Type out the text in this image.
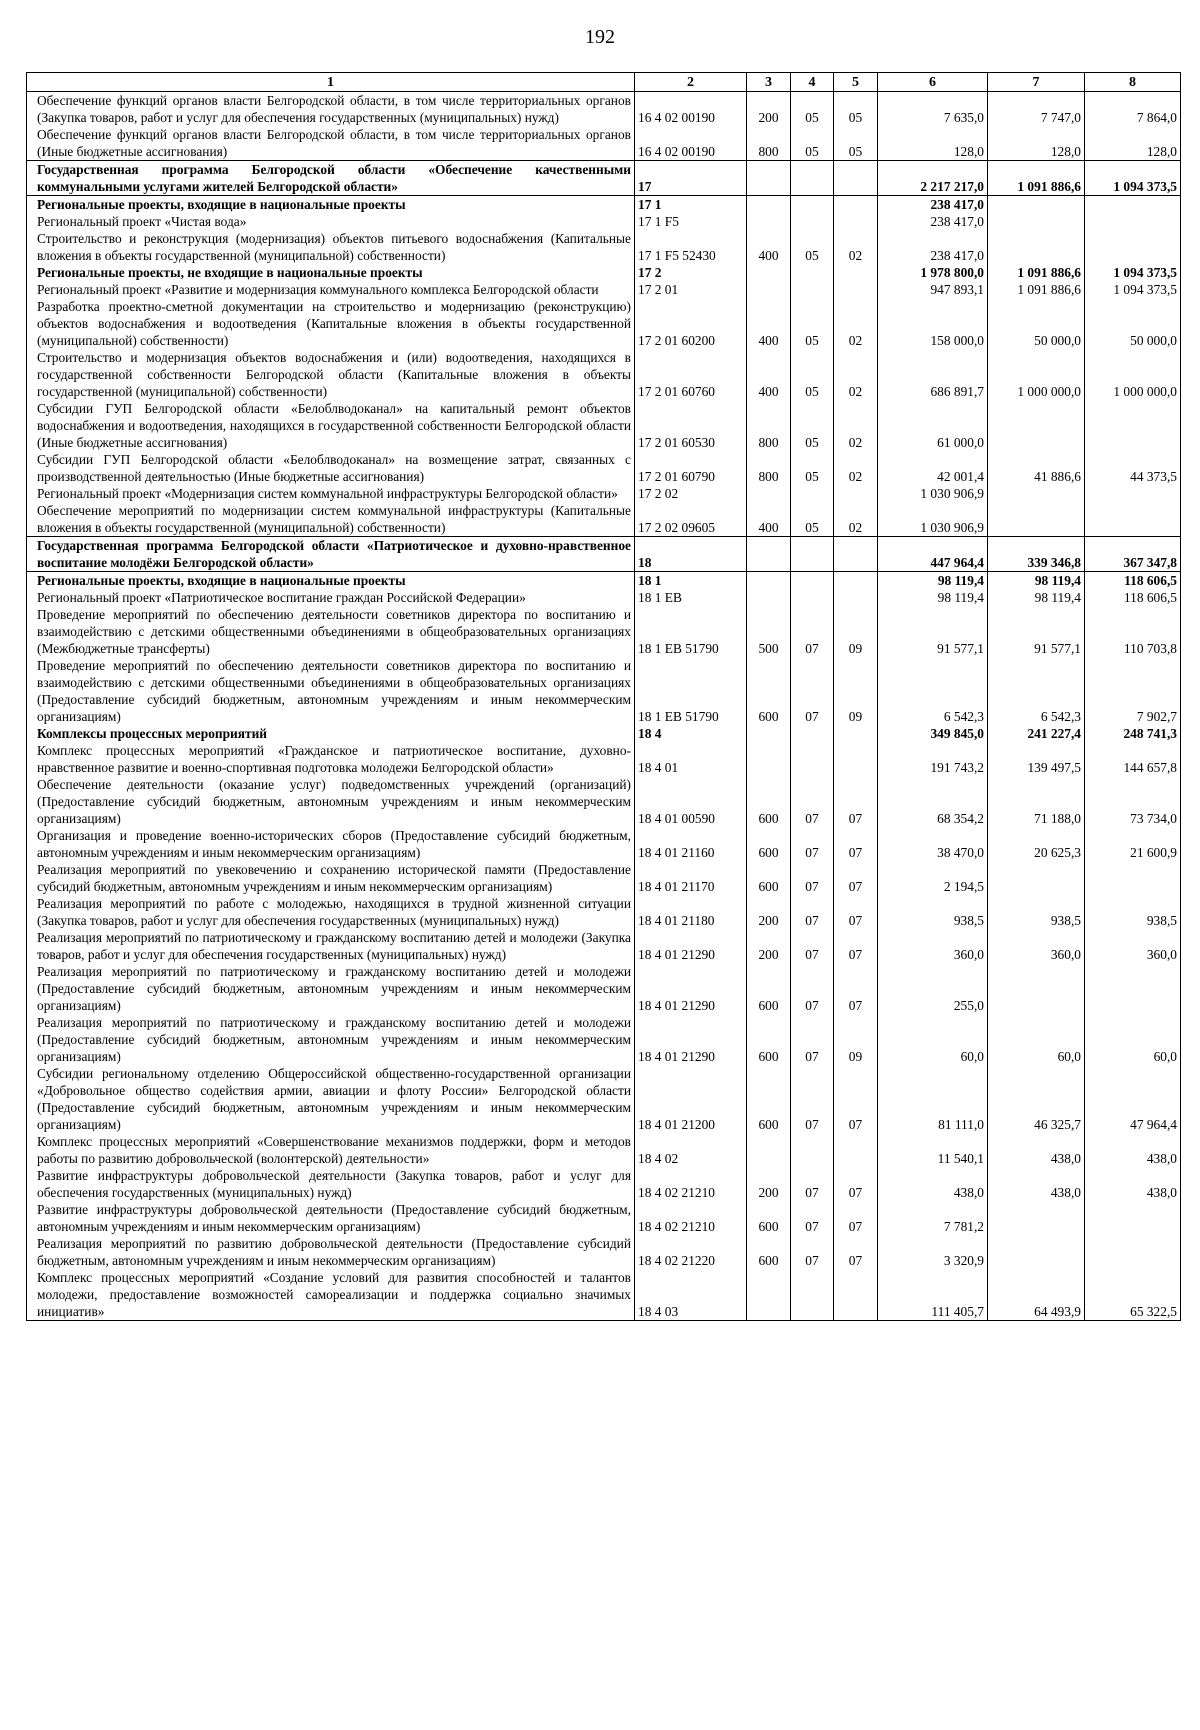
192
1	2	3	4	5	6	7	8
Обеспечение функций органов власти Белгородской области, в том числе территориальных органов (Закупка товаров, работ и услуг для обеспечения государственных (муниципальных) нужд)	16 4 02 00190	200	05	05	7 635,0	7 747,0	7 864,0
Обеспечение функций органов власти Белгородской области, в том числе территориальных органов (Иные бюджетные ассигнования)	16 4 02 00190	800	05	05	128,0	128,0	128,0
Государственная программа Белгородской области «Обеспечение качественными коммунальными услугами жителей Белгородской области»	17				2 217 217,0	1 091 886,6	1 094 373,5
Региональные проекты, входящие в национальные проекты	17 1				238 417,0		
Региональный проект «Чистая вода»	17 1 F5				238 417,0		
Строительство и реконструкция (модернизация) объектов питьевого водоснабжения (Капитальные вложения в объекты государственной (муниципальной) собственности)	17 1 F5 52430	400	05	02	238 417,0		
Региональные проекты, не входящие в национальные проекты	17 2				1 978 800,0	1 091 886,6	1 094 373,5
Региональный проект «Развитие и модернизация коммунального комплекса Белгородской области	17 2 01				947 893,1	1 091 886,6	1 094 373,5
Разработка проектно-сметной документации на строительство и модернизацию (реконструкцию) объектов водоснабжения и водоотведения (Капитальные вложения в объекты государственной (муниципальной) собственности)	17 2 01 60200	400	05	02	158 000,0	50 000,0	50 000,0
Строительство и модернизация объектов водоснабжения и (или) водоотведения, находящихся в государственной собственности Белгородской области (Капитальные вложения в объекты государственной (муниципальной) собственности)	17 2 01 60760	400	05	02	686 891,7	1 000 000,0	1 000 000,0
Субсидии ГУП Белгородской области «Белоблводоканал» на капитальный ремонт объектов водоснабжения и водоотведения, находящихся в государственной собственности Белгородской области (Иные бюджетные ассигнования)	17 2 01 60530	800	05	02	61 000,0		
Субсидии ГУП Белгородской области «Белоблводоканал» на возмещение затрат, связанных с производственной деятельностью (Иные бюджетные ассигнования)	17 2 01 60790	800	05	02	42 001,4	41 886,6	44 373,5
Региональный проект «Модернизация систем коммунальной инфраструктуры Белгородской области»	17 2 02				1 030 906,9		
Обеспечение мероприятий по модернизации систем коммунальной инфраструктуры (Капитальные вложения в объекты государственной (муниципальной) собственности)	17 2 02 09605	400	05	02	1 030 906,9		
Государственная программа Белгородской области «Патриотическое и духовно-нравственное воспитание молодёжи Белгородской области»	18				447 964,4	339 346,8	367 347,8
Региональные проекты, входящие в национальные проекты	18 1				98 119,4	98 119,4	118 606,5
Региональный проект «Патриотическое воспитание граждан Российской Федерации»	18 1 EB				98 119,4	98 119,4	118 606,5
Проведение мероприятий по обеспечению деятельности советников директора по воспитанию и взаимодействию с детскими общественными объединениями в общеобразовательных организациях (Межбюджетные трансферты)	18 1 EB 51790	500	07	09	91 577,1	91 577,1	110 703,8
Проведение мероприятий по обеспечению деятельности советников директора по воспитанию и взаимодействию с детскими общественными объединениями в общеобразовательных организациях (Предоставление субсидий бюджетным, автономным учреждениям и иным некоммерческим организациям)	18 1 EB 51790	600	07	09	6 542,3	6 542,3	7 902,7
Комплексы процессных мероприятий	18 4				349 845,0	241 227,4	248 741,3
Комплекс процессных мероприятий «Гражданское и патриотическое воспитание, духовно-нравственное развитие и военно-спортивная подготовка молодежи Белгородской области»	18 4 01				191 743,2	139 497,5	144 657,8
Обеспечение деятельности (оказание услуг) подведомственных учреждений (организаций) (Предоставление субсидий бюджетным, автономным учреждениям и иным некоммерческим организациям)	18 4 01 00590	600	07	07	68 354,2	71 188,0	73 734,0
Организация и проведение военно-исторических сборов (Предоставление субсидий бюджетным, автономным учреждениям и иным некоммерческим организациям)	18 4 01 21160	600	07	07	38 470,0	20 625,3	21 600,9
Реализация мероприятий по увековечению и сохранению исторической памяти (Предоставление субсидий бюджетным, автономным учреждениям и иным некоммерческим организациям)	18 4 01 21170	600	07	07	2 194,5		
Реализация мероприятий по работе с молодежью, находящихся в трудной жизненной ситуации (Закупка товаров, работ и услуг для обеспечения государственных (муниципальных) нужд)	18 4 01 21180	200	07	07	938,5	938,5	938,5
Реализация мероприятий по патриотическому и гражданскому воспитанию детей и молодежи (Закупка товаров, работ и услуг для обеспечения государственных (муниципальных) нужд)	18 4 01 21290	200	07	07	360,0	360,0	360,0
Реализация мероприятий по патриотическому и гражданскому воспитанию детей и молодежи (Предоставление субсидий бюджетным, автономным учреждениям и иным некоммерческим организациям)	18 4 01 21290	600	07	07	255,0		
Реализация мероприятий по патриотическому и гражданскому воспитанию детей и молодежи (Предоставление субсидий бюджетным, автономным учреждениям и иным некоммерческим организациям)	18 4 01 21290	600	07	09	60,0	60,0	60,0
Субсидии региональному отделению Общероссийской общественно-государственной организации «Добровольное общество содействия армии, авиации и флоту России» Белгородской области (Предоставление субсидий бюджетным, автономным учреждениям и иным некоммерческим организациям)	18 4 01 21200	600	07	07	81 111,0	46 325,7	47 964,4
Комплекс процессных мероприятий «Совершенствование механизмов поддержки, форм и методов работы по развитию добровольческой (волонтерской) деятельности»	18 4 02				11 540,1	438,0	438,0
Развитие инфраструктуры добровольческой деятельности (Закупка товаров, работ и услуг для обеспечения государственных (муниципальных) нужд)	18 4 02 21210	200	07	07	438,0	438,0	438,0
Развитие инфраструктуры добровольческой деятельности (Предоставление субсидий бюджетным, автономным учреждениям и иным некоммерческим организациям)	18 4 02 21210	600	07	07	7 781,2		
Реализация мероприятий по развитию добровольческой деятельности (Предоставление субсидий бюджетным, автономным учреждениям и иным некоммерческим организациям)	18 4 02 21220	600	07	07	3 320,9		
Комплекс процессных мероприятий «Создание условий для развития способностей и талантов молодежи, предоставление возможностей самореализации и поддержка социально значимых инициатив»	18 4 03				111 405,7	64 493,9	65 322,5
